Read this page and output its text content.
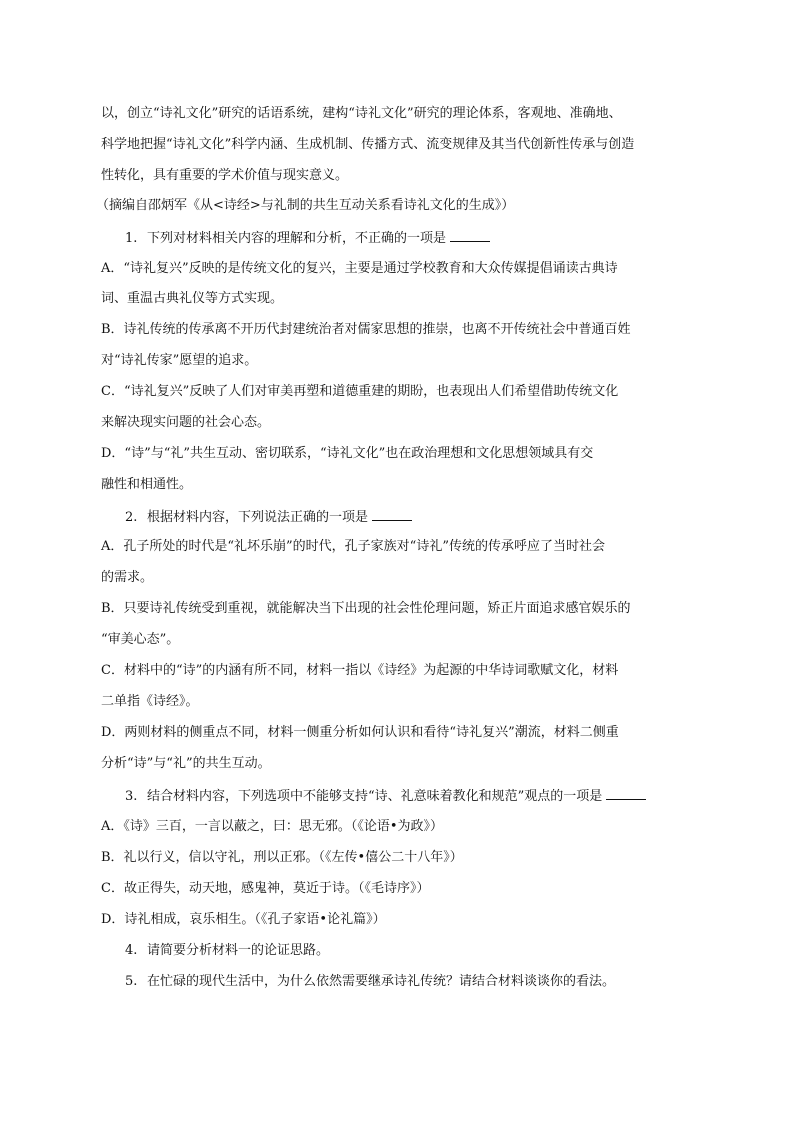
以，创立“诗礼文化”研究的话语系统，建构“诗礼文化”研究的理论体系，客观地、准确地、
科学地把握“诗礼文化”科学内涵、生成机制、传播方式、流变规律及其当代创新性传承与创造
性转化，具有重要的学术价值与现实意义。
（摘编自邵炳军《从<诗经>与礼制的共生互动关系看诗礼文化的生成》）
1. 下列对材料相关内容的理解和分析，不正确的一项是
A．“诗礼复兴”反映的是传统文化的复兴，主要是通过学校教育和大众传媒提倡诵读古典诗
词、重温古典礼仪等方式实现。
B．诗礼传统的传承离不开历代封建统治者对儒家思想的推崇，也离不开传统社会中普通百姓
对“诗礼传家”愿望的追求。
C．“诗礼复兴”反映了人们对审美再塑和道德重建的期盼，也表现出人们希望借助传统文化
来解决现实问题的社会心态。
D．“诗”与“礼”共生互动、密切联系，“诗礼文化”也在政治理想和文化思想领域具有交
融性和相通性。
2. 根据材料内容，下列说法正确的一项是
A．孔子所处的时代是“礼坏乐崩”的时代，孔子家族对“诗礼”传统的传承呼应了当时社会
的需求。
B．只要诗礼传统受到重视，就能解决当下出现的社会性伦理问题，矫正片面追求感官娱乐的
“审美心态”。
C．材料中的“诗”的内涵有所不同，材料一指以《诗经》为起源的中华诗词歌赋文化，材料
二单指《诗经》。
D．两则材料的侧重点不同，材料一侧重分析如何认识和看待“诗礼复兴”潮流，材料二侧重
分析“诗”与“礼”的共生互动。
3. 结合材料内容，下列选项中不能够支持“诗、礼意味着教化和规范”观点的一项是
A．《诗》三百，一言以蔽之，曰：思无邪。（《论语•为政》）
B．礼以行义，信以守礼，刑以正邪。（《左传•僖公二十八年》）
C．故正得失，动天地，感鬼神，莫近于诗。（《毛诗序》）
D．诗礼相成，哀乐相生。（《孔子家语•论礼篇》）
4. 请简要分析材料一的论证思路。
5. 在忙碌的现代生活中，为什么依然需要继承诗礼传统？请结合材料谈谈你的看法。
